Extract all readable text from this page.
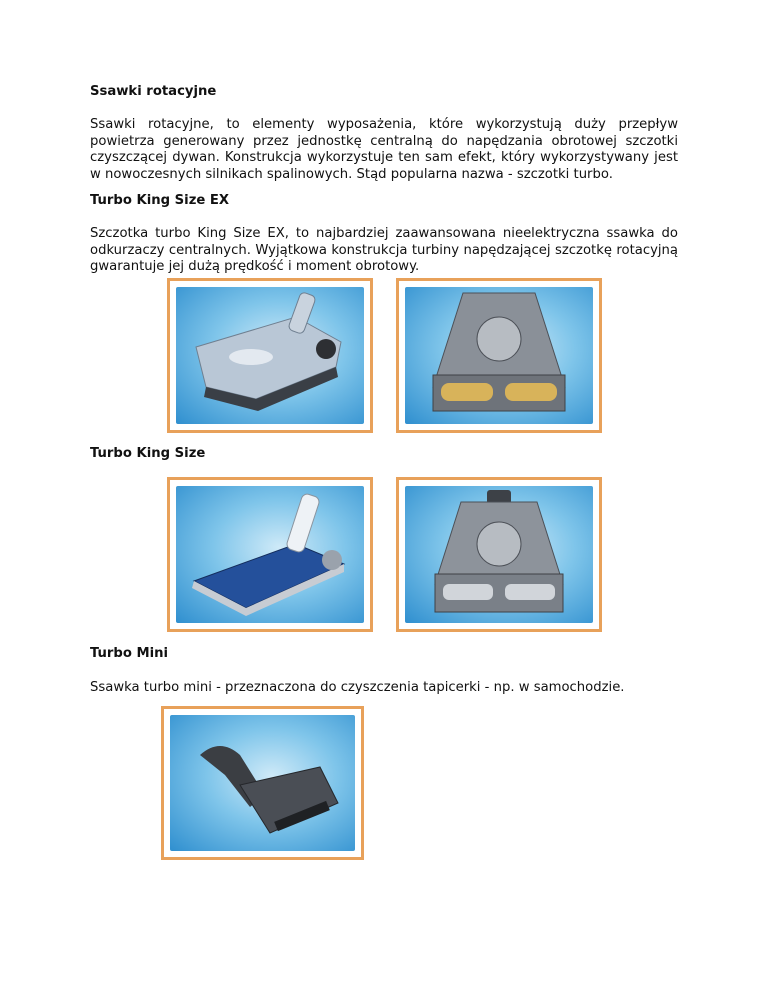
Ssawki rotacyjne

Ssawki rotacyjne, to elementy wyposażenia, które wykorzystują duży przepływ powietrza generowany przez jednostkę centralną do napędzania obrotowej szczotki czyszczącej dywan. Konstrukcja wykorzystuje ten sam efekt, który wykorzystywany jest w nowoczesnych silnikach spalinowych. Stąd popularna nazwa - szczotki turbo.

Turbo King Size EX

Szczotka turbo King Size EX, to najbardziej zaawansowana nieelektryczna ssawka do odkurzaczy centralnych. Wyjątkowa konstrukcja turbiny napędzającej szczotkę rotacyjną gwarantuje jej dużą prędkość i moment obrotowy.

Turbo King Size
Turbo Mini

Ssawka turbo mini - przeznaczona do czyszczenia tapicerki - np. w samochodzie.
